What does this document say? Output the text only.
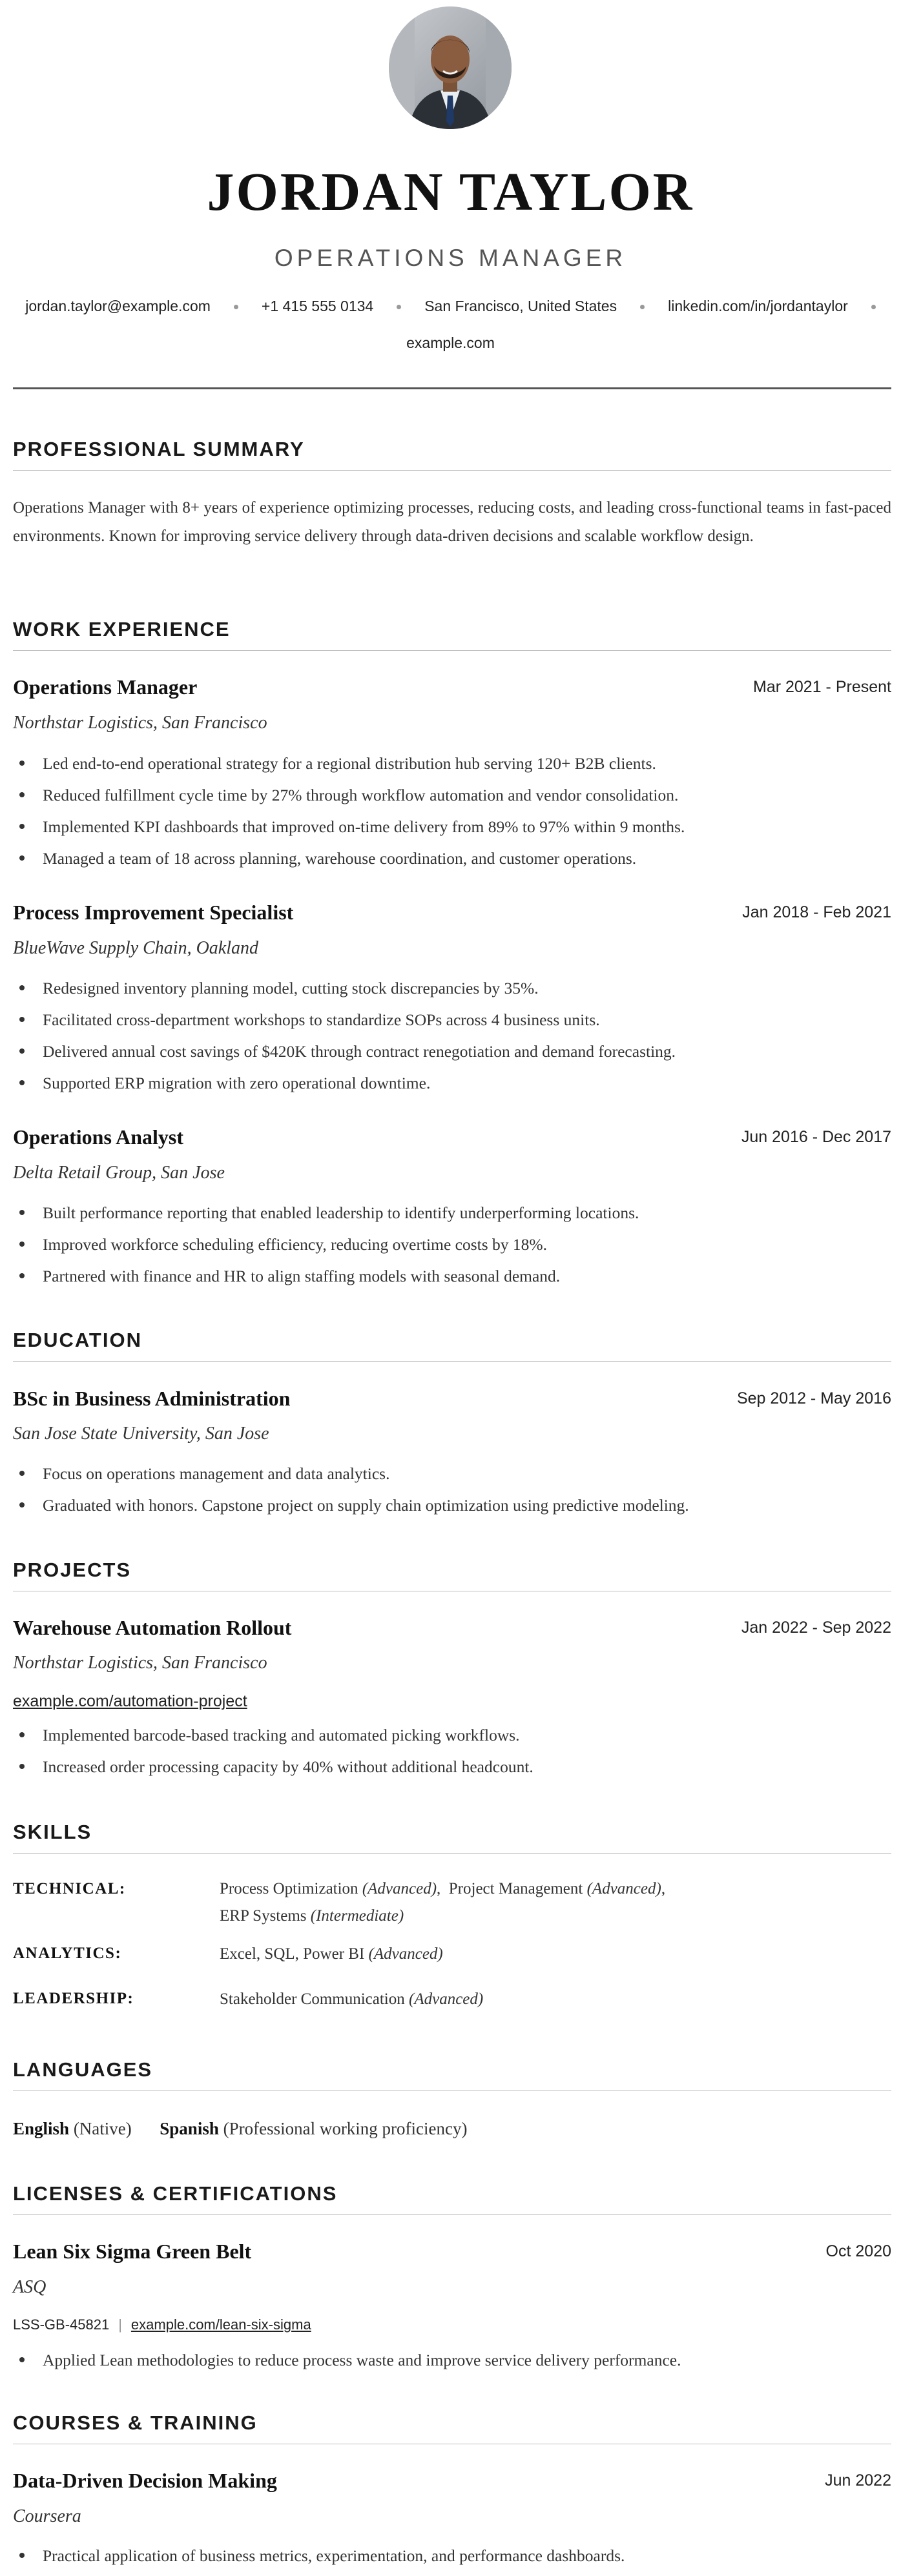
JORDAN TAYLOR
OPERATIONS MANAGER
jordan.taylor@example.com	+1 415 555 0134	San Francisco, United States	linkedin.com/in/jordantaylor
example.com
PROFESSIONAL SUMMARY
Operations Manager with 8+ years of experience optimizing processes, reducing costs, and leading cross-functional teams in fast-paced environments. Known for improving service delivery through data-driven decisions and scalable workflow design.
WORK EXPERIENCE
Operations Manager	Mar 2021 - Present
Northstar Logistics, San Francisco
Led end-to-end operational strategy for a regional distribution hub serving 120+ B2B clients.
Reduced fulfillment cycle time by 27% through workflow automation and vendor consolidation.
Implemented KPI dashboards that improved on-time delivery from 89% to 97% within 9 months.
Managed a team of 18 across planning, warehouse coordination, and customer operations.
Process Improvement Specialist	Jan 2018 - Feb 2021
BlueWave Supply Chain, Oakland
Redesigned inventory planning model, cutting stock discrepancies by 35%.
Facilitated cross-department workshops to standardize SOPs across 4 business units.
Delivered annual cost savings of $420K through contract renegotiation and demand forecasting.
Supported ERP migration with zero operational downtime.
Operations Analyst	Jun 2016 - Dec 2017
Delta Retail Group, San Jose
Built performance reporting that enabled leadership to identify underperforming locations.
Improved workforce scheduling efficiency, reducing overtime costs by 18%.
Partnered with finance and HR to align staffing models with seasonal demand.
EDUCATION
BSc in Business Administration	Sep 2012 - May 2016
San Jose State University, San Jose
Focus on operations management and data analytics.
Graduated with honors. Capstone project on supply chain optimization using predictive modeling.
PROJECTS
Warehouse Automation Rollout	Jan 2022 - Sep 2022
Northstar Logistics, San Francisco
example.com/automation-project
Implemented barcode-based tracking and automated picking workflows.
Increased order processing capacity by 40% without additional headcount.
SKILLS
TECHNICAL:	Process Optimization (Advanced),  Project Management (Advanced),
ERP Systems (Intermediate)
ANALYTICS:	Excel, SQL, Power BI (Advanced)
LEADERSHIP:	Stakeholder Communication (Advanced)
LANGUAGES
English (Native) Spanish (Professional working proficiency)
LICENSES & CERTIFICATIONS
Lean Six Sigma Green Belt	Oct 2020
ASQ
LSS-GB-45821 | example.com/lean-six-sigma
Applied Lean methodologies to reduce process waste and improve service delivery performance.
COURSES & TRAINING
Data-Driven Decision Making	Jun 2022
Coursera
Practical application of business metrics, experimentation, and performance dashboards.
